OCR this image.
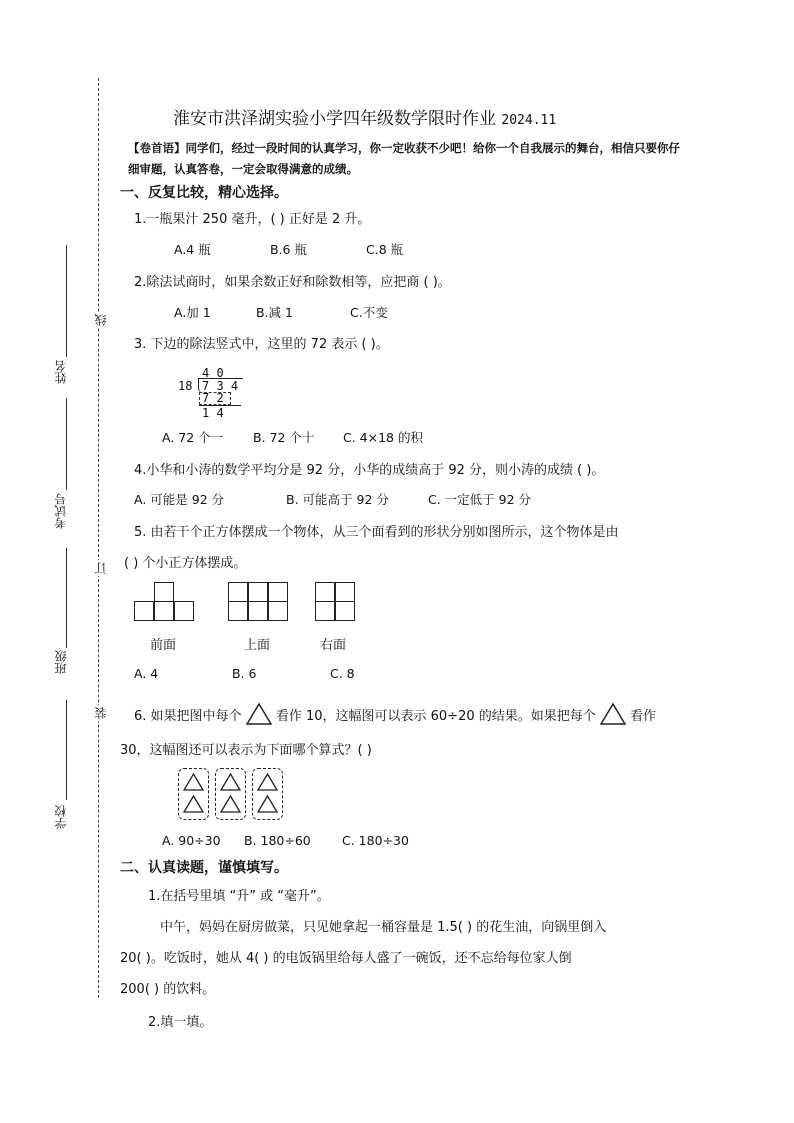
线
订
装
姓名
考试号
班级
学校
淮安市洪泽湖实验小学四年级数学限时作业 2024.11
【卷首语】同学们，经过一段时间的认真学习，你一定收获不少吧！给你一个自我展示的舞台，相信只要你仔细审题，认真答卷，一定会取得满意的成绩。
一、反复比较，精心选择。
1.一瓶果汁 250 毫升，( ) 正好是 2 升。
A.4 瓶	B.6 瓶	C.8 瓶
2.除法试商时，如果余数正好和除数相等，应把商 ( )。
A.加 1	B.减 1	C.不变
3. 下边的除法竖式中，这里的 72 表示 ( )。
4 0
18 7 3 4
7 2
1 4
A. 72 个一 B. 72 个十 C. 4×18 的积
4.小华和小涛的数学平均分是 92 分，小华的成绩高于 92 分，则小涛的成绩 ( )。
A. 可能是 92 分	B. 可能高于 92 分	C. 一定低于 92 分
5. 由若干个正方体摆成一个物体，从三个面看到的形状分别如图所示，这个物体是由
( ) 个小正方体摆成。
前面	上面	右面
A. 4	B. 6	C. 8
6. 如果把图中每个	看作 10，这幅图可以表示 60÷20 的结果。如果把每个	看作
30，这幅图还可以表示为下面哪个算式？( )
A. 90÷30 B. 180÷60 C. 180÷30
二、认真读题，谨慎填写。
1.在括号里填 “升” 或 “毫升”。
中午，妈妈在厨房做菜，只见她拿起一桶容量是 1.5( ) 的花生油，向锅里倒入
20( )。吃饭时，她从 4( ) 的电饭锅里给每人盛了一碗饭，还不忘给每位家人倒
200( ) 的饮料。
2.填一填。
